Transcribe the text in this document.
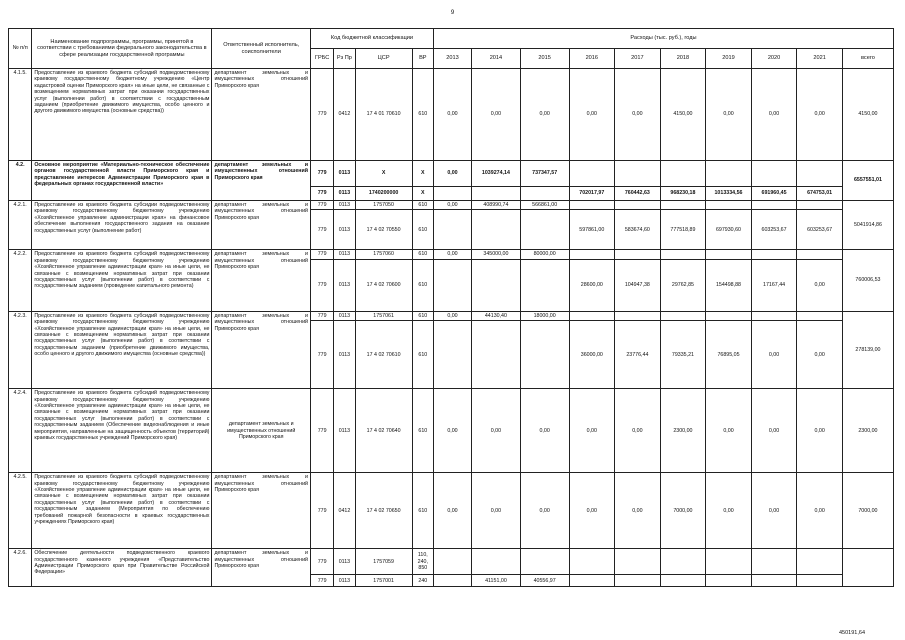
9
№ п/п	Наименование подпрограммы, программы, принятой в соответствии с требованиями федерального законодательства в сфере реализации государственной программы	Ответственный исполнитель, соисполнители	Код бюджетной классификации				Расходы (тыс. руб.), годы									
			ГРБС	Рз Пр	ЦСР	ВР	2013	2014	2015	2016	2017	2018	2019	2020	2021	всего
4.1.5.	Предоставление из краевого бюджета субсидий подведомственному краевому государственному бюджетному учреждению «Центр кадастровой оценки Приморского края» на иные цели, не связанные с возмещением нормативных затрат при оказании государственных услуг (выполнении работ) в соответствии с государственным заданием (приобретение движимого имущества, особо ценного и другого движимого имущества (основные средства))	департамент земельных и имущественных отношений Приморского края	779	0412	17 4 01 70610	610	0,00	0,00	0,00	0,00	0,00	4150,00	0,00	0,00	0,00	4150,00
4.2.	Основное мероприятие «Материально-техническое обеспечение органов государственной власти Приморского края и представление интересов Администрации Приморского края в федеральных органах государственной власти»	департамент земельных и имущественных отношений Приморского края	779	0113	X	X	0,00	1039274,14	737347,57							6557551,01
			779	0113	1740200000	X				702017,97	760442,63	968230,18	1013334,56	691960,45	674753,01	
4.2.1.	Предоставление из краевого бюджета субсидии подведомственному краевому государственному бюджетному учреждению «Хозяйственное управление администрации края» на финансовое обеспечение выполнения государственного задания на оказание государственных услуг (выполнение работ)	департамент земельных и имущественных отношений Приморского края	779	0113	1757050	610	0,00	408990,74	566861,00							5041914,86
			779	0113	17 4 02 70550	610				597861,00	583674,60	777518,89	697930,60	603253,67	603253,67	
4.2.2.	Предоставление из краевого бюджета субсидий подведомственному краевому государственному бюджетному учреждению «Хозяйственное управление администрации края» на иные цели, не связанные с возмещением нормативных затрат при оказании государственных услуг (выполнении работ) в соответствии с государственным заданием (проведение капитального ремонта)	департамент земельных и имущественных отношений Приморского края	779	0113	1757060	610	0,00	345000,00	80000,00							760006,53
			779	0113	17 4 02 70600	610				28600,00	104947,38	29762,85	154498,88	17167,44	0,00	
4.2.3.	Предоставление из краевого бюджета субсидий подведомственному краевому государственному бюджетному учреждению «Хозяйственное управление администрации края» на иные цели, не связанные с возмещением нормативных затрат при оказании государственных услуг (выполнении работ) в соответствии с государственным заданием (приобретение движимого имущества, особо ценного и другого движимого имущества (основные средства))	департамент земельных и имущественных отношений Приморского края	779	0113	1757061	610	0,00	44130,40	18000,00							278139,00
			779	0113	17 4 02 70610	610				36000,00	23776,44	79335,21	76895,05	0,00	0,00	
4.2.4.	Предоставление из краевого бюджета субсидий подведомственному краевому государственному бюджетному учреждению «Хозяйственное управление администрации края» на иные цели, не связанные с возмещением нормативных затрат при оказании государственных услуг (выполнении работ) в соответствии с государственным заданием (Обеспечение видеонаблюдения и иные мероприятия, направленные на защищенность объектов (территорий) краевых государственных учреждений Приморского края)	департамент земельных и имущественных отношений Приморского края	779	0113	17 4 02 70640	610	0,00	0,00	0,00	0,00	0,00	2300,00	0,00	0,00	0,00	2300,00
4.2.5.	Предоставление из краевого бюджета субсидий подведомственному краевому государственному бюджетному учреждению «Хозяйственное управление администрации края» на иные цели, не связанные с возмещением нормативных затрат при оказании государственных услуг (выполнении работ) в соответствии с государственным заданием (Мероприятия по обеспечению требований пожарной безопасности в краевых государственных учреждениях Приморского края)	департамент земельных и имущественных отношений Приморского края	779	0412	17 4 02 70650	610	0,00	0,00	0,00	0,00	0,00	7000,00	0,00	0,00	0,00	7000,00
4.2.6.	Обеспечение деятельности подведомственного краевого государственного казенного учреждения «Представительство Администрации Приморского края при Правительстве Российской Федерации»	департамент земельных и имущественных отношений Приморского края	779	0113	1757059	110, 240, 850										
			779	0113	1757001	240		41151,00	40556,97							
450191,64
